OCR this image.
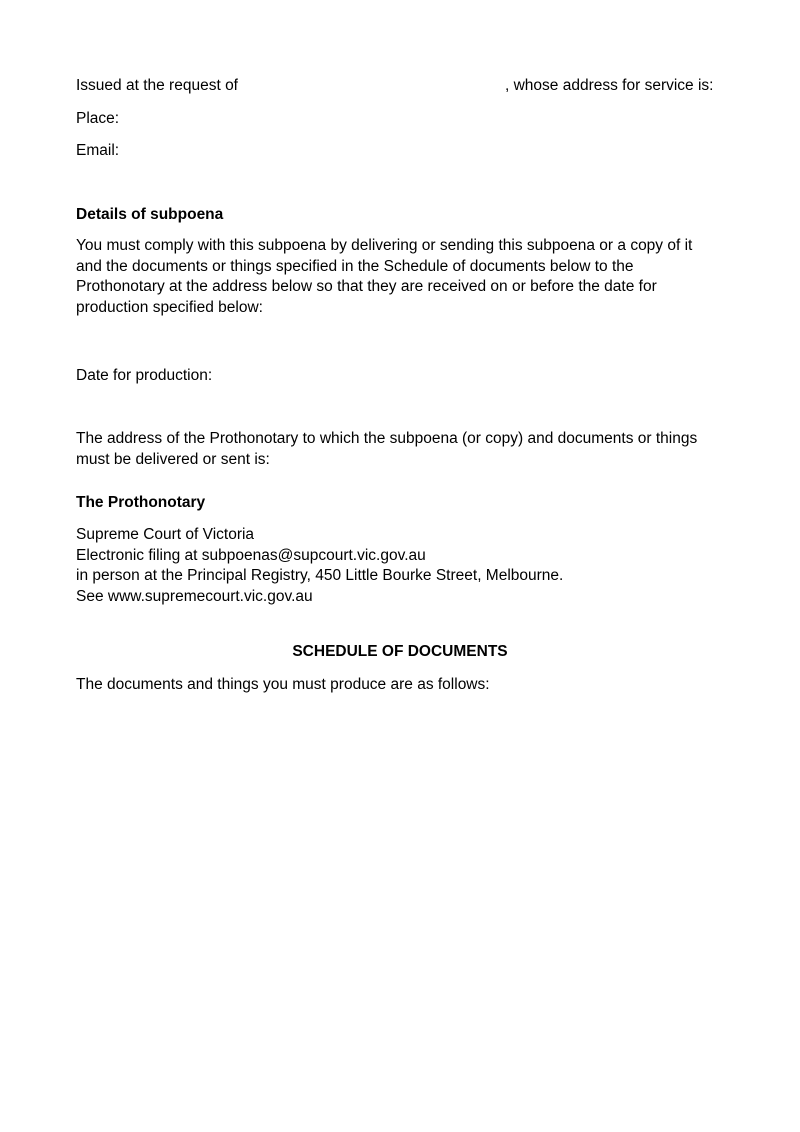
Issued at the request of	, whose address for service is:
Place:
Email:
Details of subpoena
You must comply with this subpoena by delivering or sending this subpoena or a copy of it
and the documents or things specified in the Schedule of documents below to the
Prothonotary at the address below so that they are received on or before the date for
production specified below:
Date for production:
The address of the Prothonotary to which the subpoena (or copy) and documents or things
must be delivered or sent is:
The Prothonotary
Supreme Court of Victoria
Electronic filing at subpoenas@supcourt.vic.gov.au
in person at the Principal Registry, 450 Little Bourke Street, Melbourne.
See www.supremecourt.vic.gov.au
SCHEDULE OF DOCUMENTS
The documents and things you must produce are as follows:
